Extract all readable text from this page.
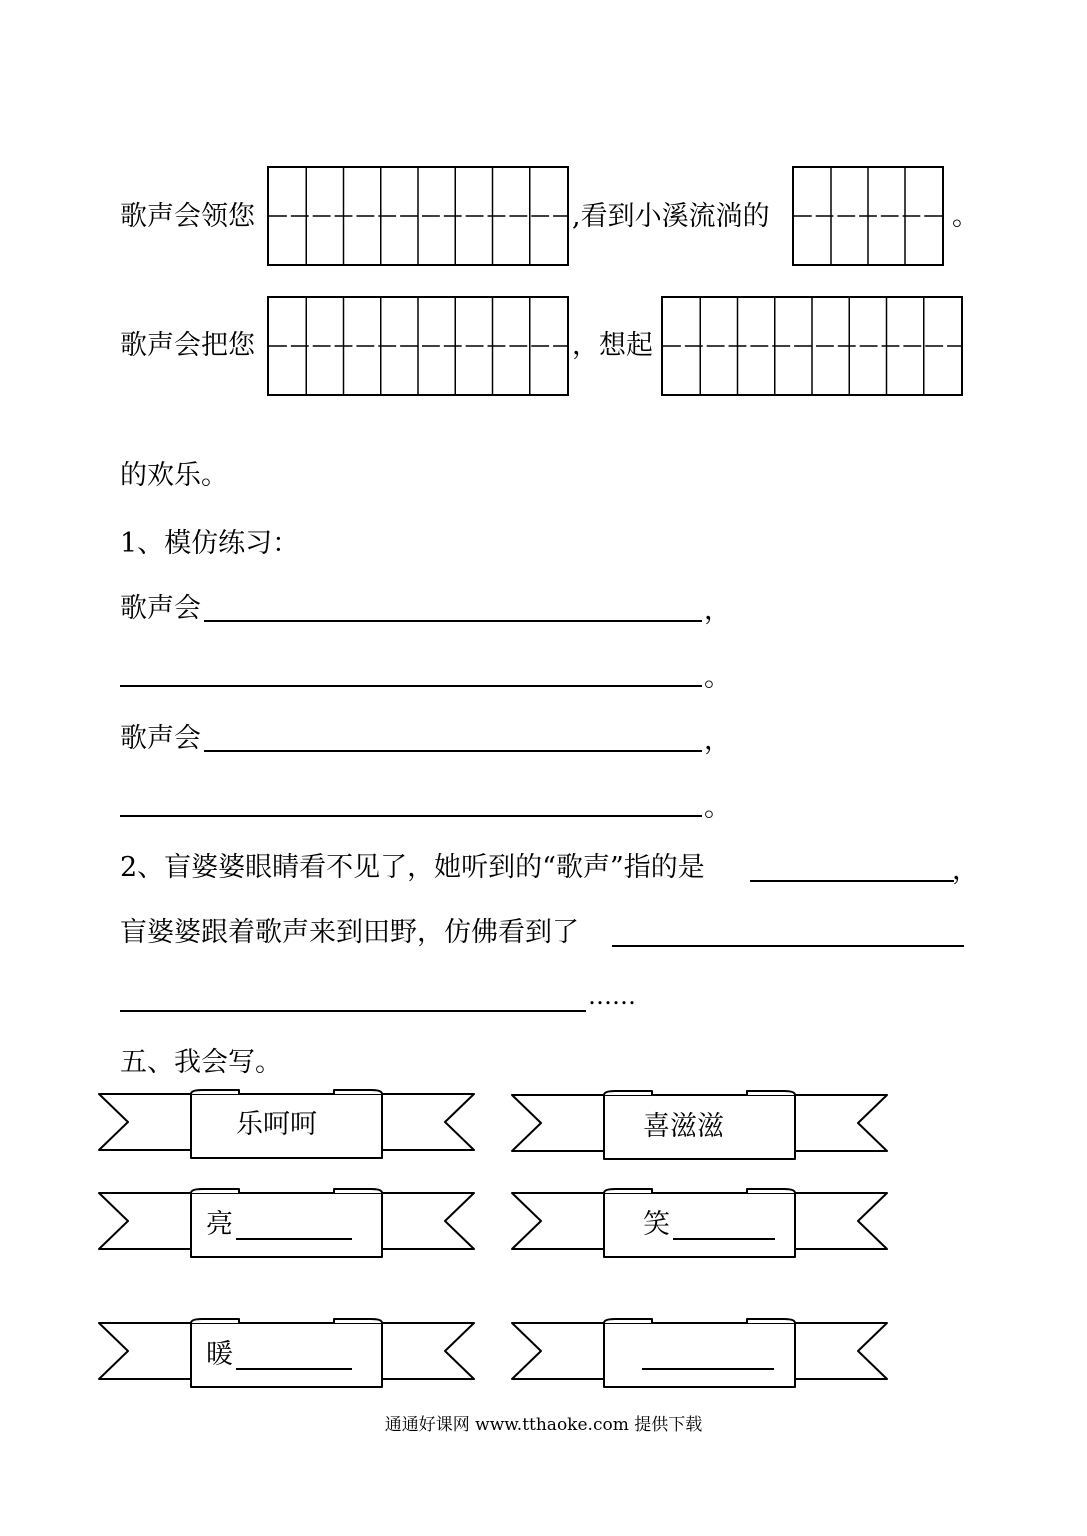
歌声会领您	,看到小溪流淌的	。
歌声会把您	，想起
的欢乐。
1、模仿练习：
歌声会	，
。
歌声会	，
。
2、盲婆婆眼睛看不见了，她听到的“歌声”指的是	，
盲婆婆跟着歌声来到田野，仿佛看到了
……
五、我会写。
乐呵呵	喜滋滋
亮	笑
暖
通通好课网 www.tthaoke.com 提供下载
